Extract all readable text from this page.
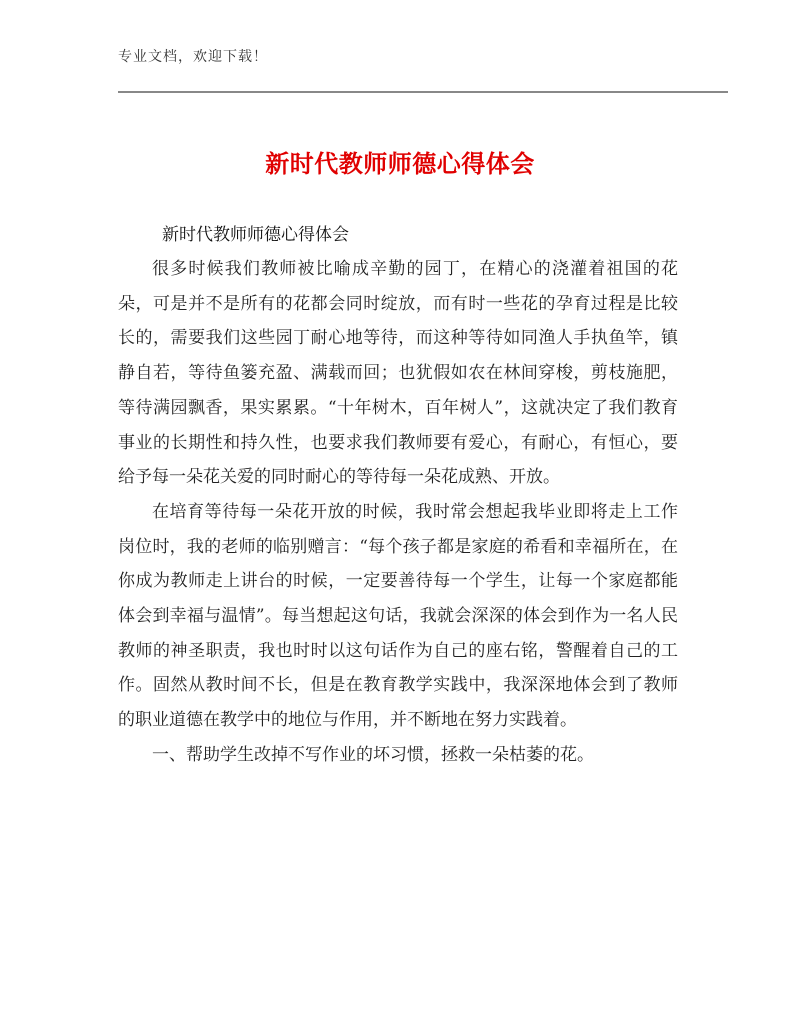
专业文档，欢迎下载！
新时代教师师德心得体会
新时代教师师德心得体会

很多时候我们教师被比喻成辛勤的园丁，在精心的浇灌着祖国的花朵，可是并不是所有的花都会同时绽放，而有时一些花的孕育过程是比较长的，需要我们这些园丁耐心地等待，而这种等待如同渔人手执鱼竿，镇静自若，等待鱼篓充盈、满载而回；也犹假如农在林间穿梭，剪枝施肥，等待满园飘香，果实累累。“十年树木，百年树人”，这就决定了我们教育事业的长期性和持久性，也要求我们教师要有爱心，有耐心，有恒心，要给予每一朵花关爱的同时耐心的等待每一朵花成熟、开放。

在培育等待每一朵花开放的时候，我时常会想起我毕业即将走上工作岗位时，我的老师的临别赠言：“每个孩子都是家庭的希看和幸福所在，在你成为教师走上讲台的时候，一定要善待每一个学生，让每一个家庭都能体会到幸福与温情”。每当想起这句话，我就会深深的体会到作为一名人民教师的神圣职责，我也时时以这句话作为自己的座右铭，警醒着自己的工作。固然从教时间不长，但是在教育教学实践中，我深深地体会到了教师的职业道德在教学中的地位与作用，并不断地在努力实践着。

一、帮助学生改掉不写作业的坏习惯，拯救一朵枯萎的花。
